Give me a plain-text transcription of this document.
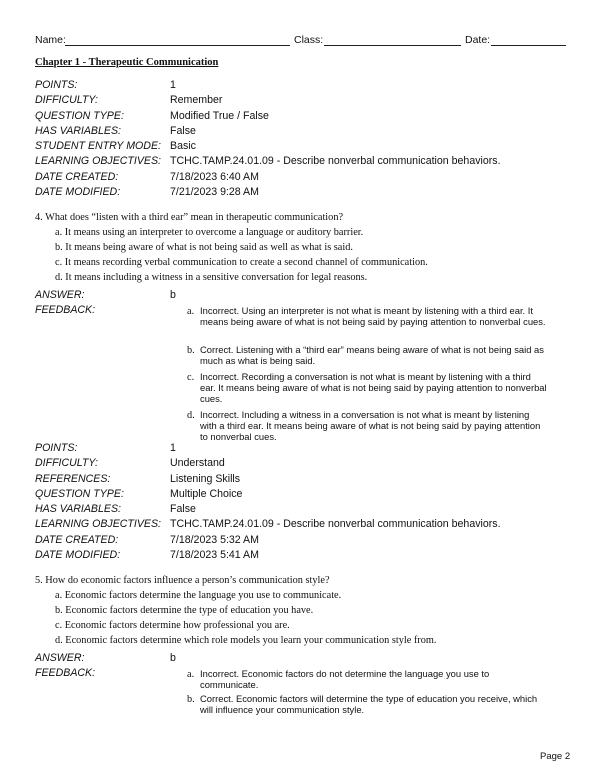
Name:	Class:	Date:
Chapter 1 - Therapeutic Communication
POINTS:	1
DIFFICULTY:	Remember
QUESTION TYPE:	Modified True / False
HAS VARIABLES:	False
STUDENT ENTRY MODE: Basic
LEARNING OBJECTIVES: TCHC.TAMP.24.01.09 - Describe nonverbal communication behaviors.
DATE CREATED:	7/18/2023 6:40 AM
DATE MODIFIED:	7/21/2023 9:28 AM
4. What does “listen with a third ear” mean in therapeutic communication?
a. It means using an interpreter to overcome a language or auditory barrier.
b. It means being aware of what is not being said as well as what is said.
c. It means recording verbal communication to create a second channel of communication.
d. It means including a witness in a sensitive conversation for legal reasons.
ANSWER:	b
FEEDBACK:	a. Incorrect. Using an interpreter is not what is meant by listening with a third ear. It means being aware of what is not being said by paying attention to nonverbal cues.
b. Correct. Listening with a “third ear” means being aware of what is not being said as much as what is being said.
c. Incorrect. Recording a conversation is not what is meant by listening with a third ear. It means being aware of what is not being said by paying attention to nonverbal cues.
d. Incorrect. Including a witness in a conversation is not what is meant by listening with a third ear. It means being aware of what is not being said by paying attention to nonverbal cues.
POINTS:	1
DIFFICULTY:	Understand
REFERENCES:	Listening Skills
QUESTION TYPE:	Multiple Choice
HAS VARIABLES:	False
LEARNING OBJECTIVES: TCHC.TAMP.24.01.09 - Describe nonverbal communication behaviors.
DATE CREATED:	7/18/2023 5:32 AM
DATE MODIFIED:	7/18/2023 5:41 AM
5. How do economic factors influence a person’s communication style?
a. Economic factors determine the language you use to communicate.
b. Economic factors determine the type of education you have.
c. Economic factors determine how professional you are.
d. Economic factors determine which role models you learn your communication style from.
ANSWER:	b
FEEDBACK:	a. Incorrect. Economic factors do not determine the language you use to communicate.
b. Correct. Economic factors will determine the type of education you receive, which will influence your communication style.
Page 2
